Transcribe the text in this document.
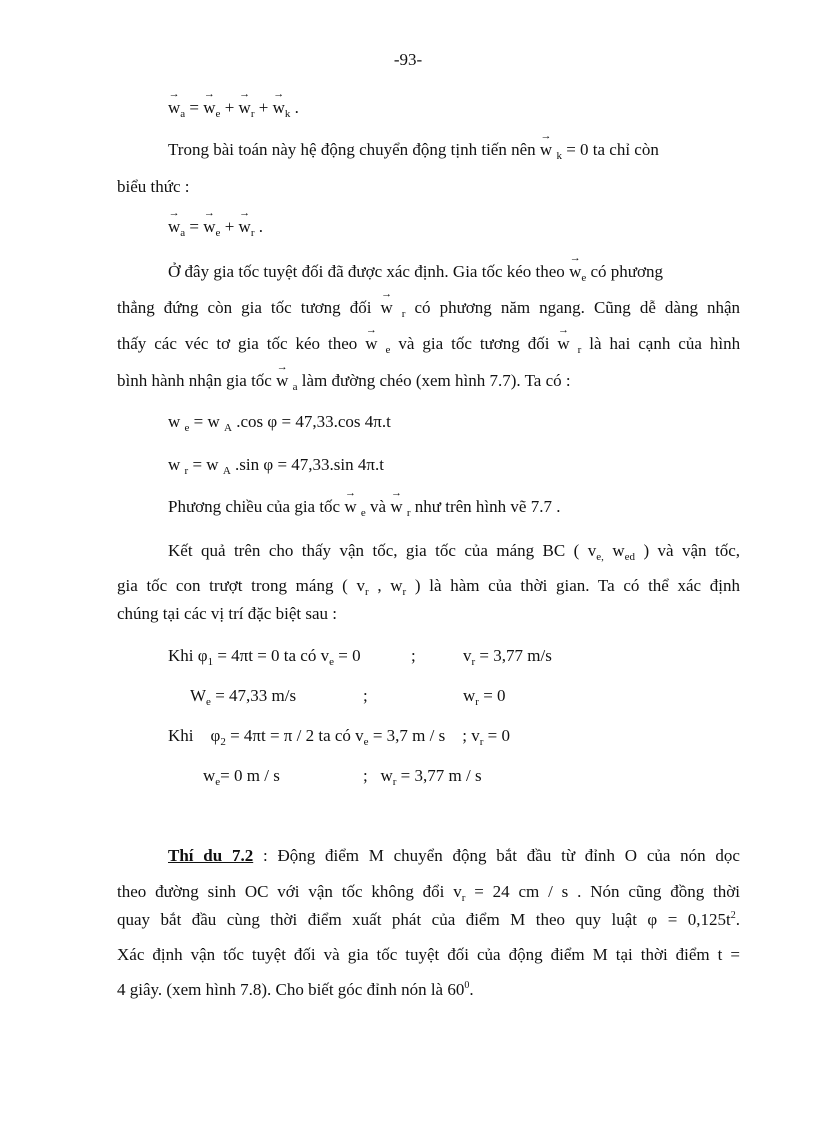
-93-
→ $w_a$ = → $w_e$ + → $w_r$ + → $w_k$ .
Trong bài toán này hệ động chuyển động tịnh tiến nên → w $_k$ = 0 ta chỉ còn
biểu thức :
→ $w_a$ = → $w_e$ + → $w_r$ .
Ở đây gia tốc tuyệt đối đã được xác định. Gia tốc kéo theo → $w_e$ có phương
thẳng đứng còn gia tốc tương đối → w $_r$ có phương năm ngang. Cũng dễ dàng nhận
thấy các véc tơ gia tốc kéo theo → w $_e$ và gia tốc tương đối → w $_r$ là hai cạnh của hình
bình hành nhận gia tốc → w $_a$ làm đường chéo (xem hình 7.7). Ta có :
w $_e$ = w $_A$ .cos φ = 47,33.cos 4π.t
w $_r$ = w $_A$ .sin φ = 47,33.sin 4π.t
Phương chiều của gia tốc → w $_e$ và → w $_r$ như trên hình vẽ 7.7 .
Kết quả trên cho thấy vận tốc, gia tốc của máng BC ( $v_{e,}$ $w_{ed}$ ) và vận tốc,
gia tốc con trượt trong máng ( $v_r$ , $w_r$ ) là hàm của thời gian. Ta có thể xác định
chúng tại các vị trí đặc biệt sau :
Khi $\varphi_1 = 4\pi t = 0$ ta có $v_e = 0$	;	$v_r = 3,77$ m/s
$W_e = 47,33$ m/s	;	$w_r = 0$
Khi    $\varphi_2 = 4\pi t = \pi / 2$ ta có $v_e = 3,7$ m / s    ; $v_r = 0$
$w_e= 0$ m / s	;   $w_r = 3,77$ m / s
Thí du 7.2 : Động điểm M chuyển động bắt đầu từ đỉnh O của nón dọc
theo đường sinh OC với vận tốc không đổi $v_r = 24$ cm / s . Nón cũng đồng thời
quay bắt đầu cùng thời điểm xuất phát của điểm M theo quy luật $\varphi = 0,125t^2$.
Xác định vận tốc tuyệt đối và gia tốc tuyệt đối của động điểm M tại thời điểm t =
4 giây. (xem hình 7.8). Cho biết góc đỉnh nón là $60^0$.
